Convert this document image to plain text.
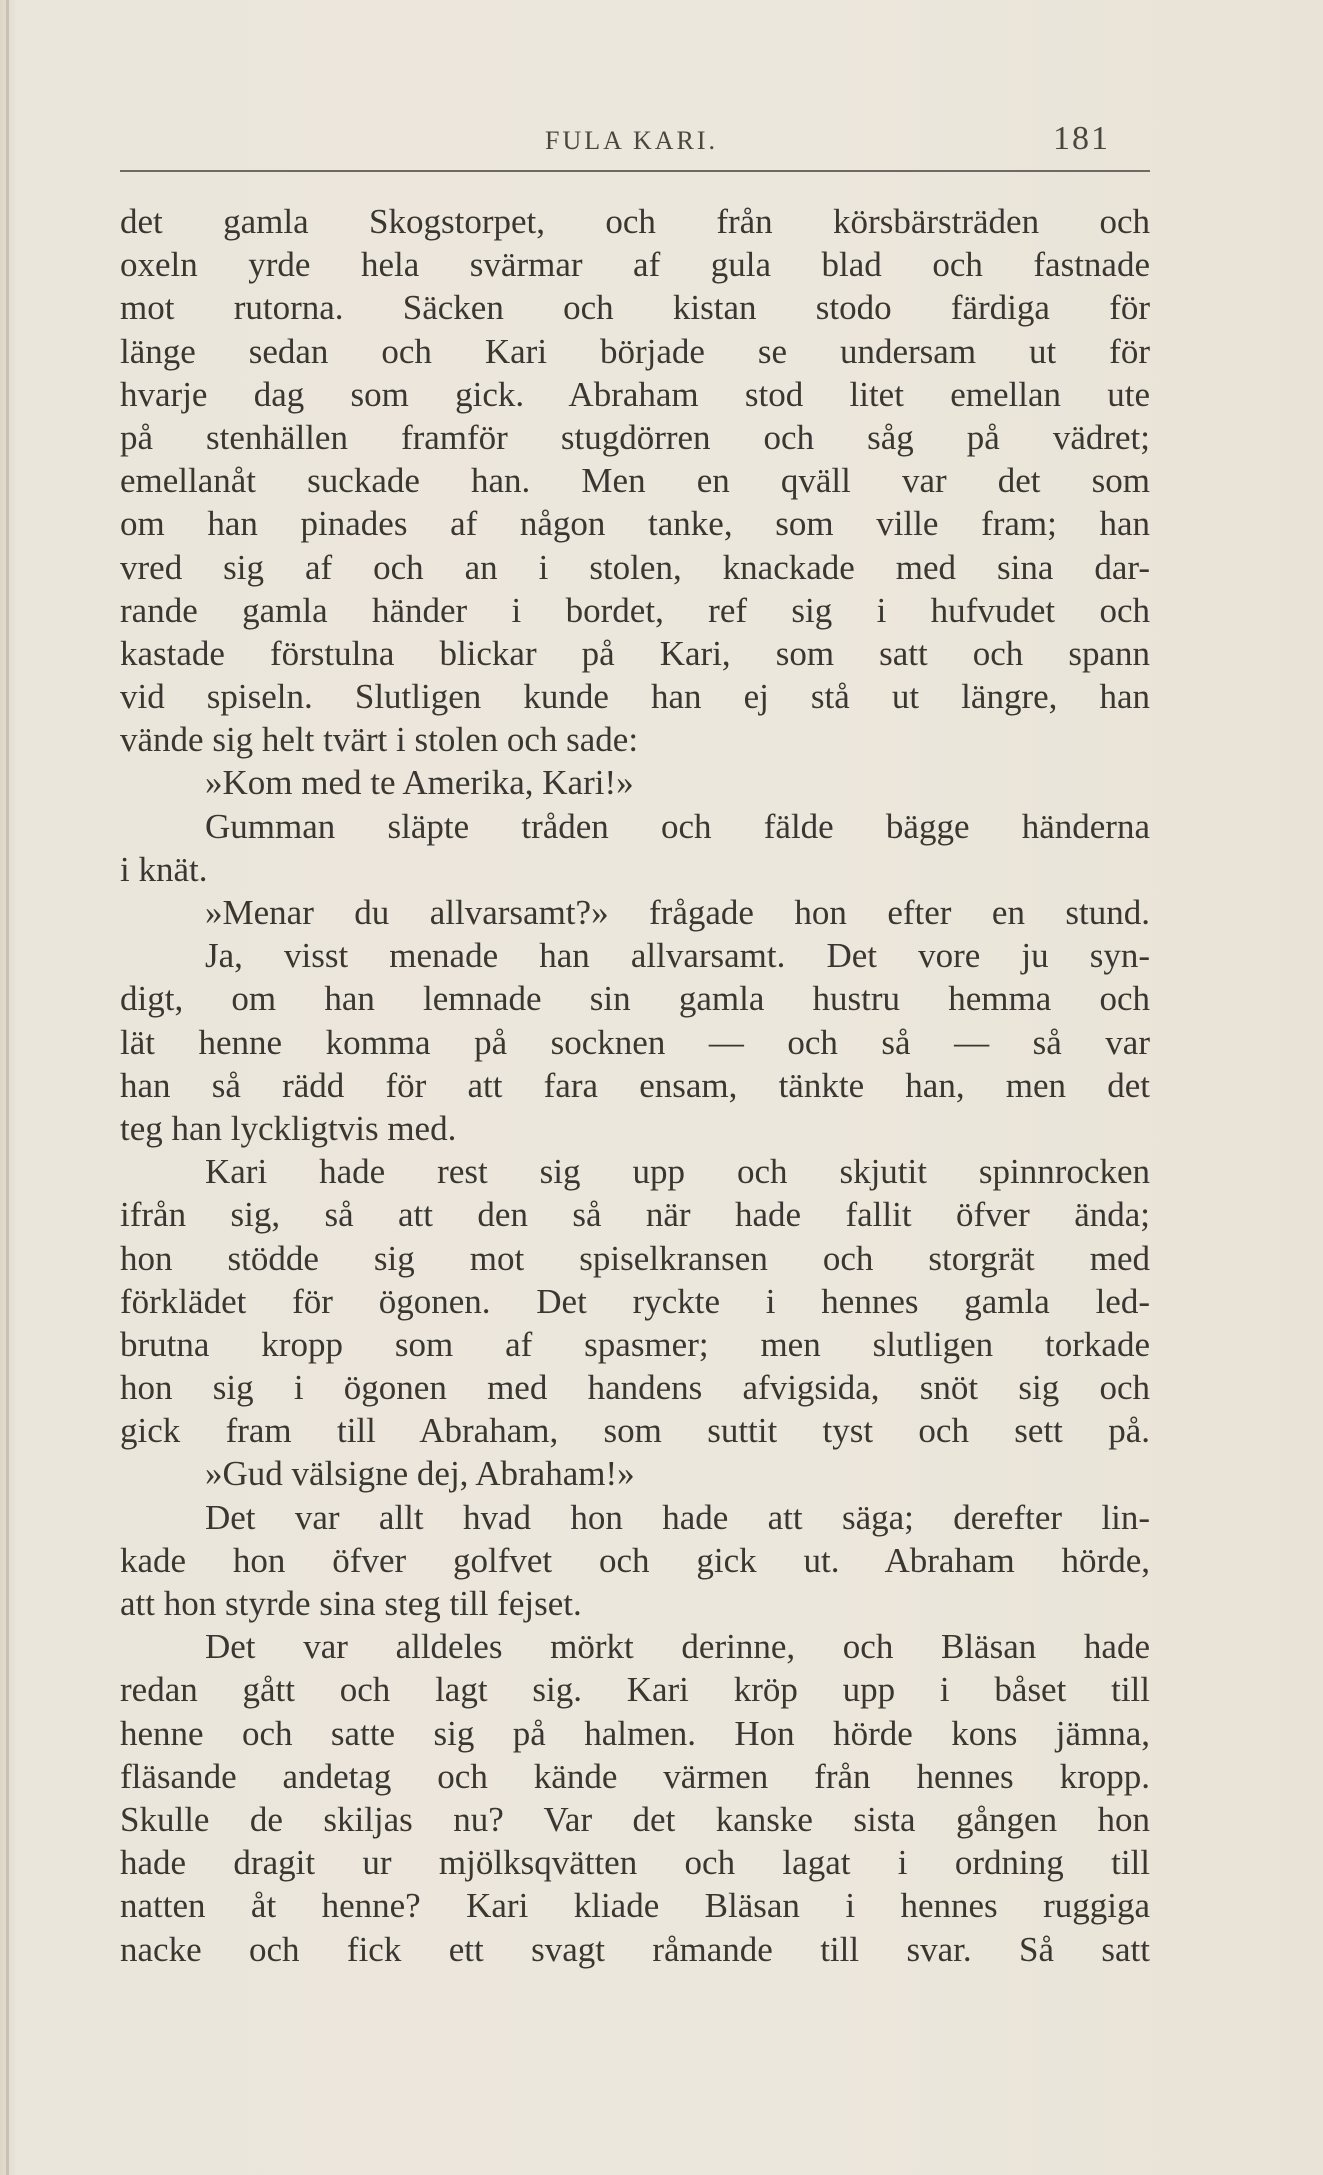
FULA KARI.	181
det gamla Skogstorpet, och från körsbärsträden och
oxeln yrde hela svärmar af gula blad och fastnade
mot rutorna. Säcken och kistan stodo färdiga för
länge sedan och Kari började se undersam ut för
hvarje dag som gick. Abraham stod litet emellan ute
på stenhällen framför stugdörren och såg på vädret;
emellanåt suckade han. Men en qväll var det som
om han pinades af någon tanke, som ville fram; han
vred sig af och an i stolen, knackade med sina dar-
rande gamla händer i bordet, ref sig i hufvudet och
kastade förstulna blickar på Kari, som satt och spann
vid spiseln. Slutligen kunde han ej stå ut längre, han
vände sig helt tvärt i stolen och sade:
»Kom med te Amerika, Kari!»
Gumman släpte tråden och fälde bägge händerna
i knät.
»Menar du allvarsamt?» frågade hon efter en stund.
Ja, visst menade han allvarsamt. Det vore ju syn-
digt, om han lemnade sin gamla hustru hemma och
lät henne komma på socknen — och så — så var
han så rädd för att fara ensam, tänkte han, men det
teg han lyckligtvis med.
Kari hade rest sig upp och skjutit spinnrocken
ifrån sig, så att den så när hade fallit öfver ända;
hon stödde sig mot spiselkransen och storgrät med
förklädet för ögonen. Det ryckte i hennes gamla led-
brutna kropp som af spasmer; men slutligen torkade
hon sig i ögonen med handens afvigsida, snöt sig och
gick fram till Abraham, som suttit tyst och sett på.
»Gud välsigne dej, Abraham!»
Det var allt hvad hon hade att säga; derefter lin-
kade hon öfver golfvet och gick ut. Abraham hörde,
att hon styrde sina steg till fejset.
Det var alldeles mörkt derinne, och Bläsan hade
redan gått och lagt sig. Kari kröp upp i båset till
henne och satte sig på halmen. Hon hörde kons jämna,
fläsande andetag och kände värmen från hennes kropp.
Skulle de skiljas nu? Var det kanske sista gången hon
hade dragit ur mjölksqvätten och lagat i ordning till
natten åt henne? Kari kliade Bläsan i hennes ruggiga
nacke och fick ett svagt råmande till svar. Så satt
